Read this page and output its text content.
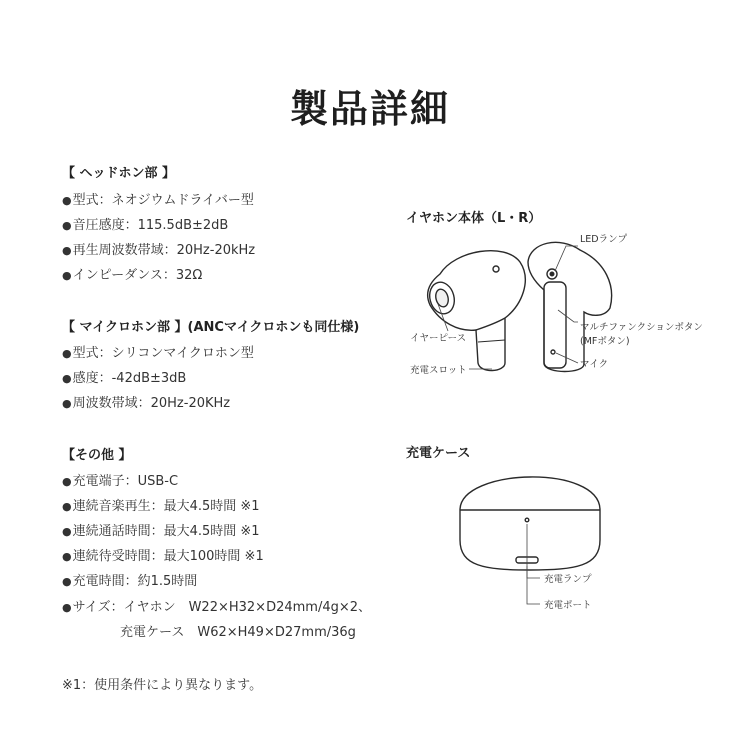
製品詳細
【 ヘッドホン部 】
●型式：ネオジウムドライバー型
●音圧感度：115.5dB±2dB
●再生周波数帯域：20Hz-20kHz
●インピーダンス：32Ω
【 マイクロホン部 】(ANCマイクロホンも同仕様)
●型式：シリコンマイクロホン型
●感度：-42dB±3dB
●周波数帯域：20Hz-20KHz
【その他 】
●充電端子：USB-C
●連続音楽再生：最大4.5時間 ※1
●連続通話時間：最大4.5時間 ※1
●連続待受時間：最大100時間 ※1
●充電時間：約1.5時間
●サイズ：イヤホン　W22×H32×D24mm/4g×2、
充電ケース　W62×H49×D27mm/36g
※1：使用条件により異なります。
イヤホン本体（L・R）
充電ケース
LEDランプ
イヤーピース
マルチファンクションボタン
(MFボタン)
マイク
充電スロット
充電ランプ
充電ポート
